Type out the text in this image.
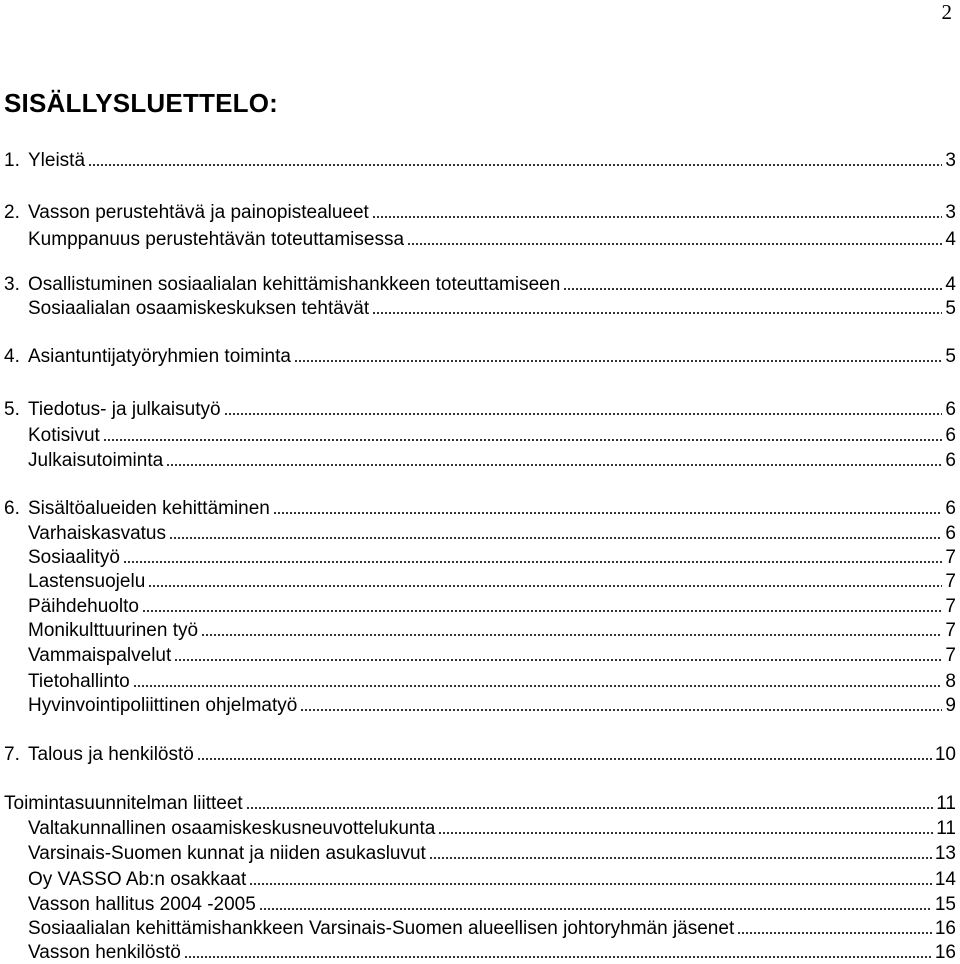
2
SISÄLLYSLUETTELO:
1. Yleistä	3
2. Vasson perustehtävä ja painopistealueet	3
Kumppanuus perustehtävän toteuttamisessa	4
3. Osallistuminen sosiaalialan kehittämishankkeen toteuttamiseen	4
Sosiaalialan osaamiskeskuksen tehtävät	5
4. Asiantuntijatyöryhmien toiminta	5
5. Tiedotus- ja julkaisutyö	6
Kotisivut	6
Julkaisutoiminta	6
6. Sisältöalueiden kehittäminen	6
Varhaiskasvatus	6
Sosiaalityö	7
Lastensuojelu	7
Päihdehuolto	7
Monikulttuurinen työ	7
Vammaispalvelut	7
Tietohallinto	8
Hyvinvointipoliittinen ohjelmatyö	9
7. Talous ja henkilöstö	10
Toimintasuunnitelman liitteet	11
Valtakunnallinen osaamiskeskusneuvottelukunta	11
Varsinais-Suomen kunnat ja niiden asukasluvut	13
Oy VASSO Ab:n osakkaat	14
Vasson hallitus 2004 -2005	15
Sosiaalialan kehittämishankkeen Varsinais-Suomen alueellisen johtoryhmän jäsenet	16
Vasson henkilöstö	16
